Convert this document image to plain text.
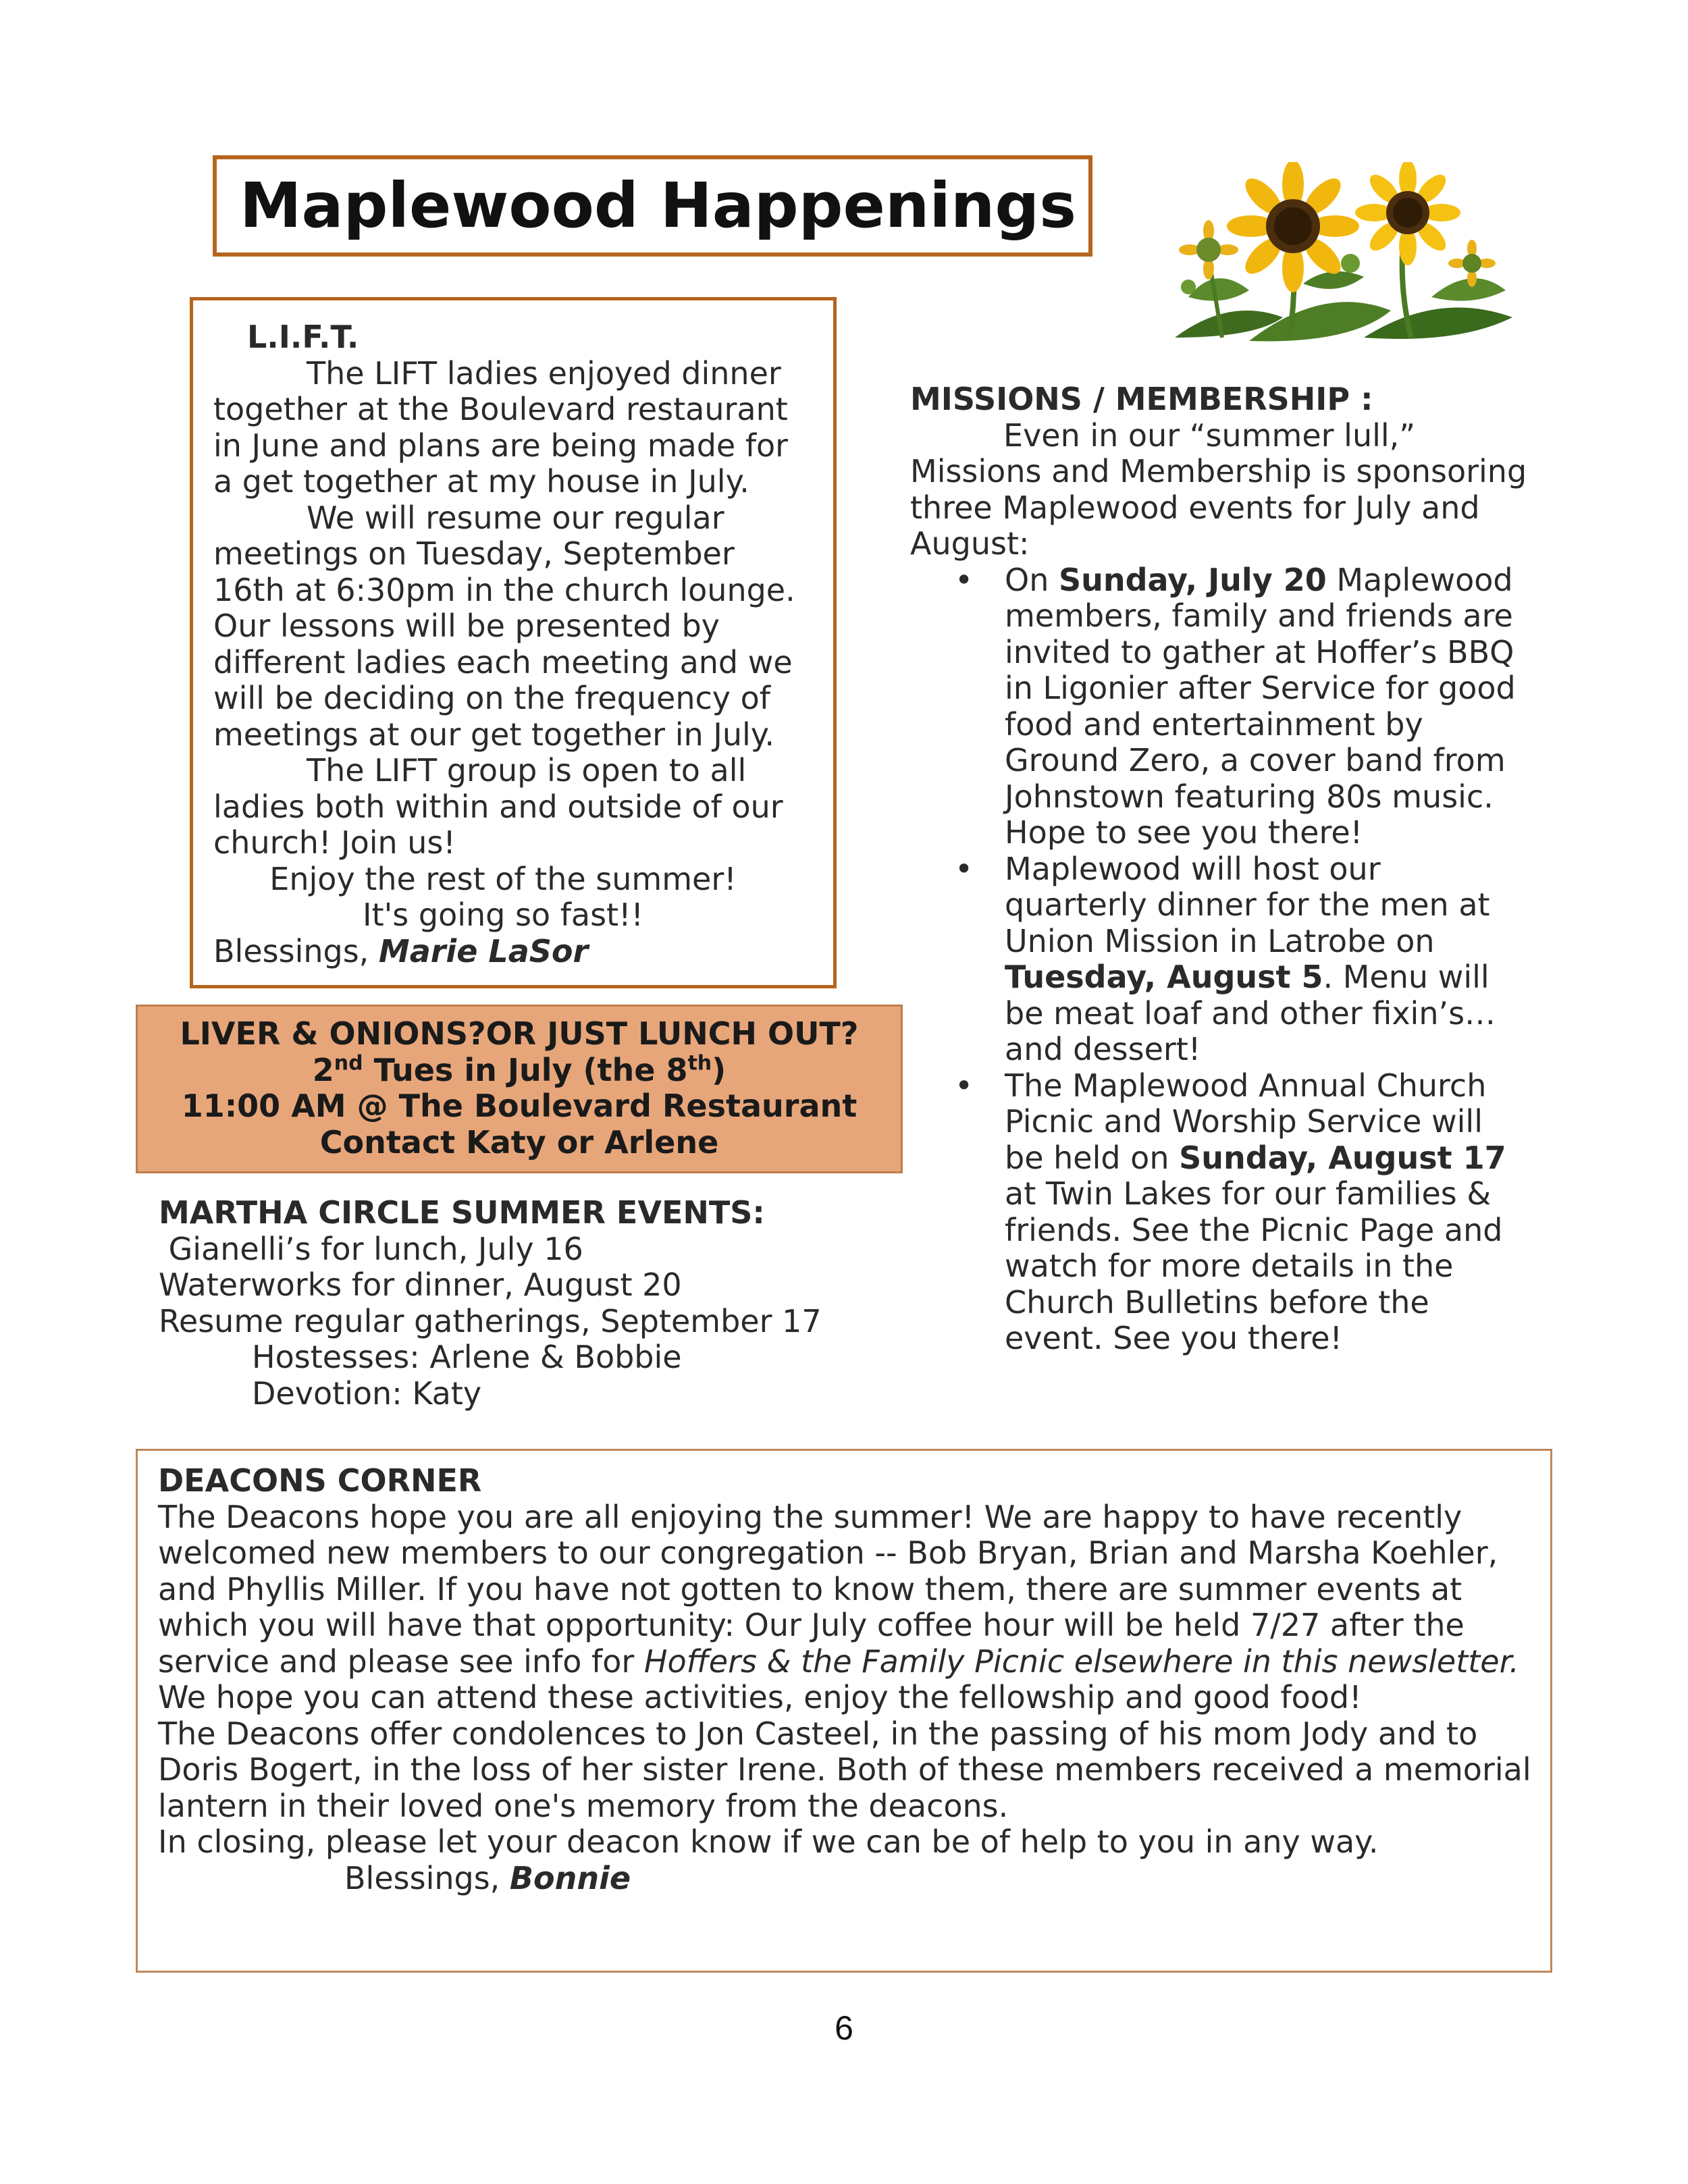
Maplewood Happenings

L.I.F.T.

The LIFT ladies enjoyed dinner together at the Boulevard restaurant in June and plans are being made for a get together at my house in July.

We will resume our regular meetings on Tuesday, September 16th at 6:30pm in the church lounge. Our lessons will be presented by different ladies each meeting and we will be deciding on the frequency of meetings at our get together in July.

The LIFT group is open to all ladies both within and outside of our church! Join us!

Enjoy the rest of the summer!

It's going so fast!!

Blessings, Marie LaSor

LIVER & ONIONS?OR JUST LUNCH OUT?

2nd Tues in July (the 8th)

11:00 AM @ The Boulevard Restaurant

Contact Katy or Arlene

MARTHA CIRCLE SUMMER EVENTS:

Gianelli’s for lunch, July 16

Waterworks for dinner, August 20

Resume regular gatherings, September 17

Hostesses: Arlene & Bobbie

Devotion: Katy

MISSIONS / MEMBERSHIP :

Even in our “summer lull,”

Missions and Membership is sponsoring three Maplewood events for July and August:

• On Sunday, July 20 Maplewood members, family and friends are invited to gather at Hoffer’s BBQ in Ligonier after Service for good food and entertainment by Ground Zero, a cover band from Johnstown featuring 80s music. Hope to see you there!
• Maplewood will host our quarterly dinner for the men at Union Mission in Latrobe on Tuesday, August 5. Menu will be meat loaf and other fixin’s… and dessert!
• The Maplewood Annual Church Picnic and Worship Service will be held on Sunday, August 17 at Twin Lakes for our families & friends. See the Picnic Page and watch for more details in the Church Bulletins before the event. See you there!

DEACONS CORNER

The Deacons hope you are all enjoying the summer! We are happy to have recently welcomed new members to our congregation -- Bob Bryan, Brian and Marsha Koehler, and Phyllis Miller. If you have not gotten to know them, there are summer events at which you will have that opportunity: Our July coffee hour will be held 7/27 after the service and please see info for Hoffers & the Family Picnic elsewhere in this newsletter. We hope you can attend these activities, enjoy the fellowship and good food!

The Deacons offer condolences to Jon Casteel, in the passing of his mom Jody and to Doris Bogert, in the loss of her sister Irene. Both of these members received a memorial lantern in their loved one's memory from the deacons.

In closing, please let your deacon know if we can be of help to you in any way.

Blessings, Bonnie

6
